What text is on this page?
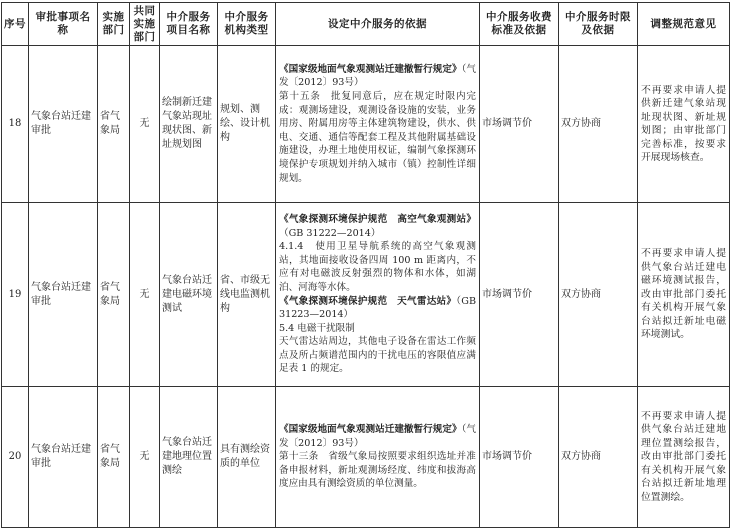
序号	审批事项名称	实施部门	共同实施部门	中介服务项目名称	中介服务机构类型	设定中介服务的依据	中介服务收费标准及依据	中介服务时限及依据	调整规范意见
18	气象台站迁建审批	省气象局	无	绘制新迁建气象站现址现状图、新址规划图	规划、测绘、设计机构	《国家级地面气象观测站迁建撤暂行规定》（气发〔2012〕93号）

第十五条　批复同意后，应在规定时限内完成：观测场建设，观测设备设施的安装，业务用房、附属用房等主体建筑物建设，供水、供电、交通、通信等配套工程及其他附属基础设施建设，办理土地使用权证，编制气象探测环境保护专项规划并纳入城市（镇）控制性详细规划。	市场调节价	双方协商	不再要求申请人提供新迁建气象站现址现状图、新址规划图；由审批部门完善标准，按要求开展现场核查。
19	气象台站迁建审批	省气象局	无	气象台站迁建电磁环境测试	省、市级无线电监测机构	《气象探测环境保护规范　高空气象观测站》（GB 31222—2014）

4.1.4　使用卫星导航系统的高空气象观测站，其地面接收设备四周 100 m 距离内，不应有对电磁波反射强烈的物体和水体，如湖泊、河海等水体。

《气象探测环境保护规范　天气雷达站》（GB 31223—2014）

5.4 电磁干扰限制

天气雷达站周边，其他电子设备在雷达工作频点及所占频谱范围内的干扰电压的容限值应满足表 1 的规定。	市场调节价	双方协商	不再要求申请人提供气象台站迁建电磁环境测试报告，改由审批部门委托有关机构开展气象台站拟迁新址电磁环境测试。
20	气象台站迁建审批	省气象局	无	气象台站迁建地理位置测绘	具有测绘资质的单位	《国家级地面气象观测站迁建撤暂行规定》（气发〔2012〕93号）

第十三条　省级气象局按照要求组织选址并准备申报材料，新址观测场经度、纬度和拔海高度应由具有测绘资质的单位测量。	市场调节价	双方协商	不再要求申请人提供气象台站迁建地理位置测绘报告，改由审批部门委托有关机构开展气象台站拟迁新址地理位置测绘。
